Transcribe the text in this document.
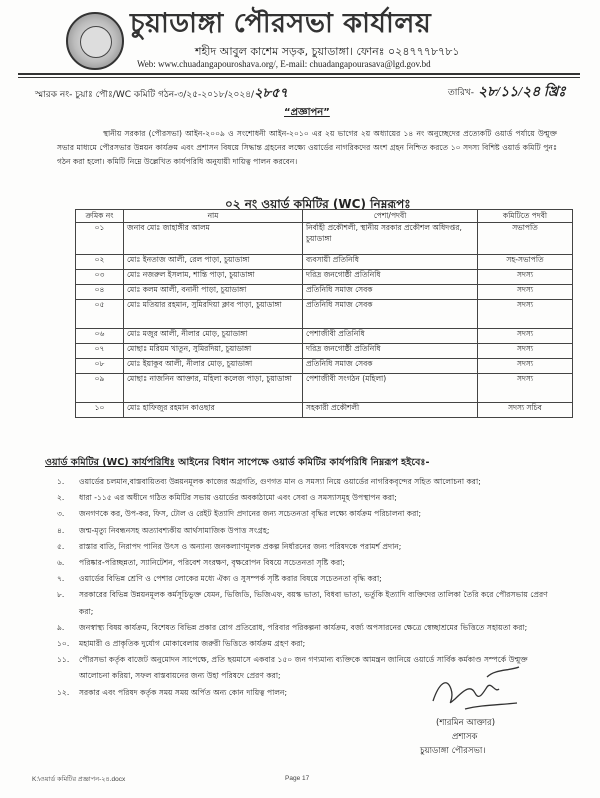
চুয়াডাঙ্গা পৌরসভা কার্যালয়
শহীদ আবুল কাশেম সড়ক, চুয়াডাঙ্গা। ফোনঃ ০২৪৭৭৭৮৭৮১
Web: www.chuadangapouroshava.org/, E-mail: chuadangapourasava@lgd.gov.bd
স্মারক নং- চুয়াঃ পৌঃ/WC কমিটি গঠন-৩/২৫-২০১৮/২০২৪/২৮৫৭	তারিখ- ২৮/১১/২৪ খ্রিঃ
“প্রজ্ঞাপন”
স্থানীয় সরকার (পৌরসভা) আইন-২০০৯ ও সংশোধনী আইন-২০১০ এর ২য় ভাগের ২য় অধ্যায়ের ১৪ নং অনুচ্ছেদের প্রত্যেকটি ওয়ার্ড পর্যায়ে উন্মুক্ত সভার মাধ্যমে পৌরসভার উন্নয়ন কার্যক্রম এবং প্রশাসন বিষয়ে সিদ্ধান্ত গ্রহনের লক্ষ্যে ওয়ার্ডের নাগরিকদের অংশ গ্রহন নিশ্চিত করতে ১০ সদস্য বিশিষ্ট ওয়ার্ড কমিটি পুনঃ গঠন করা হলো। কমিটি নিম্নে উল্লেখিত কার্যপরিধি অনুযায়ী দায়িত্ব পালন করবেন।
০২ নং ওয়ার্ড কমিটির (WC) নিম্নরূপঃ
ক্রমিক নং	নাম	পেশা/পদবী	কমিটিতে পদবী
০১	জনাব মোঃ জাহাঙ্গীর আলম	নির্বাহী প্রকৌশলী, স্থানীয় সরকার প্রকৌশল অধিদপ্তর, চুয়াডাঙ্গা	সভাপতি
০২	মোঃ ইনতাজ আলী, রেল পাড়া, চুয়াডাঙ্গা	ব্যবসায়ী প্রতিনিধি	সহ-সভাপতি
০৩	মোঃ নজরুল ইসলাম, শান্তি পাড়া, চুয়াডাঙ্গা	দরিদ্র জনগোষ্ঠী প্রতিনিধি	সদস্য
০৪	মোঃ কলম আলী, বনানী পাড়া, চুয়াডাঙ্গা	প্রতিনিধি সমাজ সেবক	সদস্য
০৫	মোঃ মতিয়ার রহমান, সুমিরদিয়া ক্লাব পাড়া, চুয়াডাঙ্গা	প্রতিনিধি সমাজ সেবক	সদস্য
০৬	মোঃ মজুর আলী, নীলার মোড়, চুয়াডাঙ্গা	পেশাজীবী প্রতিনিধি	সদস্য
০৭	মোছাঃ মরিয়ম খাতুন, সুমিরদিয়া, চুয়াডাঙ্গা	দরিদ্র জনগোষ্ঠী প্রতিনিধি	সদস্য
০৮	মোঃ ইয়াকুব আলী, নীলার মোড়, চুয়াডাঙ্গা	প্রতিনিধি সমাজ সেবক	সদস্য
০৯	মোছাঃ নাজনিন আক্তার, মহিলা কলেজ পাড়া, চুয়াডাঙ্গা	পেশাজীবী সংগঠন (মহিলা)	সদস্য
১০	মোঃ হাফিজুর রহমান কাওছার	সহকারী প্রকৌশলী	সদস্য সচিব
ওয়ার্ড কমিটির (WC) কার্যপরিধিঃ আইনের বিধান সাপেক্ষে ওয়ার্ড কমিটির কার্যপরিধি নিম্নরূপ হইবেঃ-
১. ওয়ার্ডের চলমান,বাস্তবায়িতব্য উন্নয়নমূলক কাজের অগ্রগতি, গুণগত মান ও সমস্যা নিয়ে ওয়ার্ডের নাগরিকবৃন্দের সহিত আলোচনা করা;
২. ধারা -১১৫ এর অধীনে গঠিত কমিটির সভায় ওয়ার্ডের অবকাঠামো এবং সেবা ও সমস্যাসমূহ উপস্থাপন করা;
৩. জনগণকে কর, উপ-কর, ফিস, টোল ও রেইট ইত্যাদি প্রদানের জন্য সচেতনতা বৃদ্ধির লক্ষ্যে কার্যক্রম পরিচালনা করা;
৪. জন্ম-মৃত্যু নিবন্ধনসহ অত্যাবশ্যকীয় আর্থসামাজিক উপাত্ত সংগ্রহ;
৫. রাস্তার বাতি, নিরাপদ পানির উৎস ও অন্যান্য জনকল্যাণমূলক প্রকল্প নির্ধারনের জন্য পরিষদকে পরামর্শ প্রদান;
৬. পরিষ্কার-পরিচ্ছন্নতা, স্যানিটেশন, পরিবেশ সংরক্ষণ, বৃক্ষরোপন বিষয়ে সচেতনতা সৃষ্টি করা;
৭. ওয়ার্ডের বিভিন্ন শ্রেণি ও পেশার লোকের মধ্যে ঐক্য ও সুসম্পর্ক সৃষ্টি করার বিষয়ে সচেতনতা বৃদ্ধি করা;
৮. সরকারের বিভিন্ন উন্নয়নমূলক কর্মসূচিভুক্ত যেমন, ভিজিডি, ভিজিএফ, বয়স্ক ভাতা, বিধবা ভাতা, ভর্তুকি ইত্যাদি ব্যক্তিদের তালিকা তৈরি করে পৌরসভায় প্রেরণ করা;
৯. জনস্বাস্থ্য বিষয় কার্যক্রম, বিশেষত বিভিন্ন প্রকার রোগ প্রতিরোধ, পরিবার পরিকল্পনা কার্যক্রম, বর্জ্য অপসারনের ক্ষেত্রে স্বেচ্ছাশ্রমের ভিত্তিতে সহায়তা করা;
১০. মহামারী ও প্রাকৃতিক দুর্যোগ মোকাবেলায় জরুরী ভিত্তিতে কার্যক্রম গ্রহণ করা;
১১. পৌরসভা কর্তৃক বাজেট অনুমোদন সাপেক্ষে, প্রতি ছয়মাসে একবার ১৫০ জন গণ্যমান্য ব্যক্তিকে আমন্ত্রন জানিয়ে ওয়ার্ডে সার্বিক কর্মকাণ্ড সম্পর্কে উন্মুক্ত আলোচনা করিয়া, সফল বাস্তবায়নের জন্য উহা পরিষদে প্রেরণ করা;
১২. সরকার এবং পরিষদ কর্তৃক সময় সময় অর্পিত অন্য কোন দায়িত্ব পালন;
(শারমিন আক্তার)
প্রশাসক
চুয়াডাঙ্গা পৌরসভা।
K:\ওয়ার্ড কমিটির প্রজ্ঞাপন-২৪.docx	Page 17
